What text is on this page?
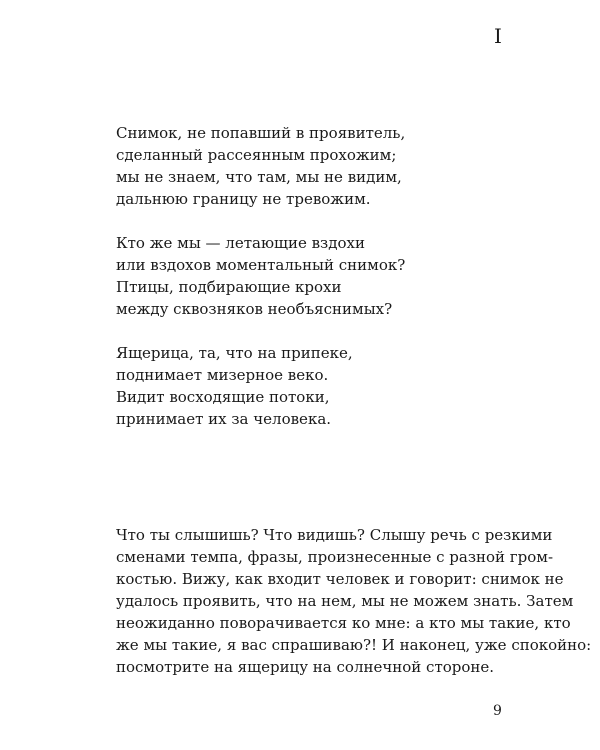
I
Снимок, не попавший в проявитель,
сделанный рассеянным прохожим;
мы не знаем, что там, мы не видим,
дальнюю границу не тревожим.
Кто же мы — летающие вздохи
или вздохов моментальный снимок?
Птицы, подбирающие крохи
между сквозняков необъяснимых?
Ящерица, та, что на припеке,
поднимает мизерное веко.
Видит восходящие потоки,
принимает их за человека.
Что ты слышишь? Что видишь? Слышу речь с резкими
сменами темпа, фразы, произнесенные с разной гром-
костью. Вижу, как входит человек и говорит: снимок не
удалось проявить, что на нем, мы не можем знать. Затем
неожиданно поворачивается ко мне: а кто мы такие, кто
же мы такие, я вас спрашиваю?! И наконец, уже спокойно:
посмотрите на ящерицу на солнечной стороне.
9
